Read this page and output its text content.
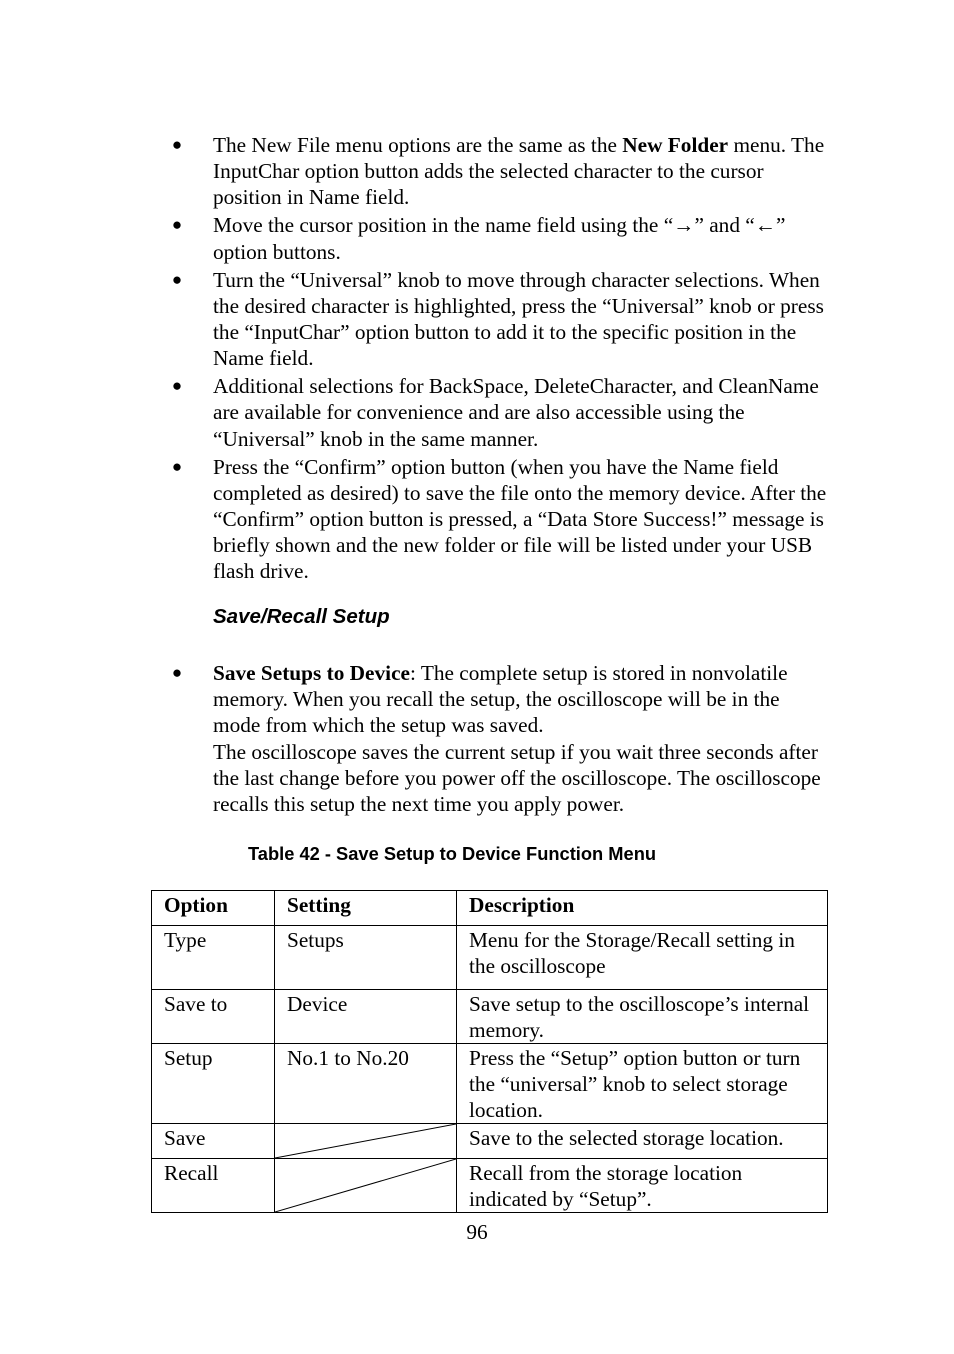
● The New File menu options are the same as the New Folder menu. The InputChar option button adds the selected character to the cursor position in Name field.
● Move the cursor position in the name field using the “→” and “←” option buttons.
● Turn the “Universal” knob to move through character selections. When the desired character is highlighted, press the “Universal” knob or press the “InputChar” option button to add it to the specific position in the Name field.
● Additional selections for BackSpace, DeleteCharacter, and CleanName are available for convenience and are also accessible using the “Universal” knob in the same manner.
● Press the “Confirm” option button (when you have the Name field completed as desired) to save the file onto the memory device. After the “Confirm” option button is pressed, a “Data Store Success!” message is briefly shown and the new folder or file will be listed under your USB flash drive.
Save/Recall Setup
● Save Setups to Device: The complete setup is stored in nonvolatile memory. When you recall the setup, the oscilloscope will be in the mode from which the setup was saved.
The oscilloscope saves the current setup if you wait three seconds after the last change before you power off the oscilloscope. The oscilloscope recalls this setup the next time you apply power.
Table 42 - Save Setup to Device Function Menu
Option	Setting	Description
Type	Setups	Menu for the Storage/Recall setting in the oscilloscope
Save to	Device	Save setup to the oscilloscope’s internal memory.
Setup	No.1 to No.20	Press the “Setup” option button or turn the “universal” knob to select storage location.
Save		Save to the selected storage location.
Recall		Recall from the storage location indicated by “Setup”.
96
